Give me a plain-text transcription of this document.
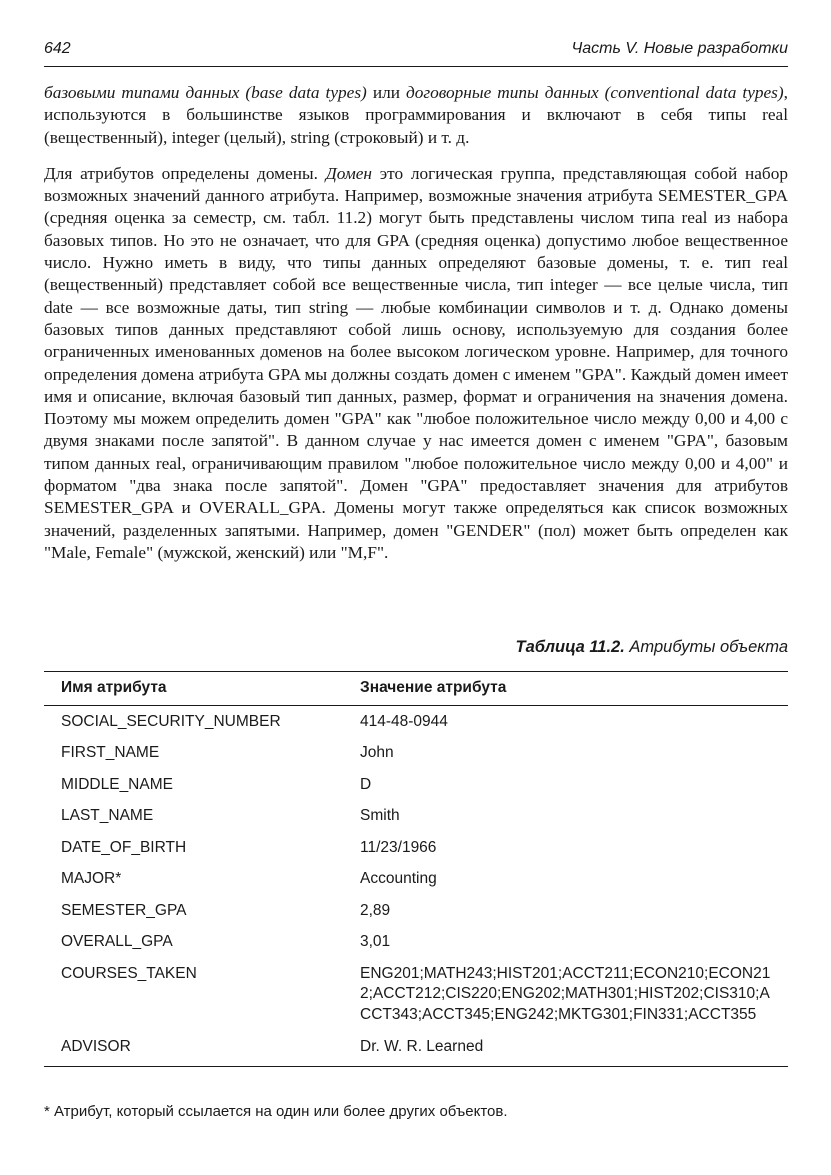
642	Часть V. Новые разработки

базовыми типами данных (base data types) или договорные типы данных (conventional data types), используются в большинстве языков программирования и включают в себя типы real (вещественный), integer (целый), string (строковый) и т. д.

Для атрибутов определены домены. Домен это логическая группа, представляющая собой набор возможных значений данного атрибута. Например, возможные значения атрибута SEMESTER_GPA (средняя оценка за семестр, см. табл. 11.2) могут быть представлены числом типа real из набора базовых типов. Но это не означает, что для GPA (средняя оценка) допустимо любое вещественное число. Нужно иметь в виду, что типы данных определяют базовые домены, т. е. тип real (вещественный) представляет собой все вещественные числа, тип integer — все целые числа, тип date — все возможные даты, тип string — любые комбинации символов и т. д. Однако домены базовых типов данных представляют собой лишь основу, используемую для создания более ограниченных именованных доменов на более высоком логическом уровне. Например, для точного определения домена атрибута GPA мы должны создать домен с именем "GPA". Каждый домен имеет имя и описание, включая базовый тип данных, размер, формат и ограничения на значения домена. Поэтому мы можем определить домен "GPA" как "любое положительное число между 0,00 и 4,00 с двумя знаками после запятой". В данном случае у нас имеется домен с именем "GPA", базовым типом данных real, ограничивающим правилом "любое положительное число между 0,00 и 4,00" и форматом "два знака после запятой". Домен "GPA" предоставляет значения для атрибутов SEMESTER_GPA и OVERALL_GPA. Домены могут также определяться как список возможных значений, разделенных запятыми. Например, домен "GENDER" (пол) может быть определен как "Male, Female" (мужской, женский) или "M,F".

Таблица 11.2. Атрибуты объекта
Имя атрибута	Значение атрибута
SOCIAL_SECURITY_NUMBER	414-48-0944
FIRST_NAME	John
MIDDLE_NAME	D
LAST_NAME	Smith
DATE_OF_BIRTH	11/23/1966
MAJOR*	Accounting
SEMESTER_GPA	2,89
OVERALL_GPA	3,01
COURSES_TAKEN	ENG201;MATH243;HIST201;ACCT211;ECON210;ECON212;ACCT212;CIS220;ENG202;MATH301;HIST202;CIS310;ACCT343;ACCT345;ENG242;MKTG301;FIN331;ACCT355

ADVISOR	Dr. W. R. Learned
* Атрибут, который ссылается на один или более других объектов.
